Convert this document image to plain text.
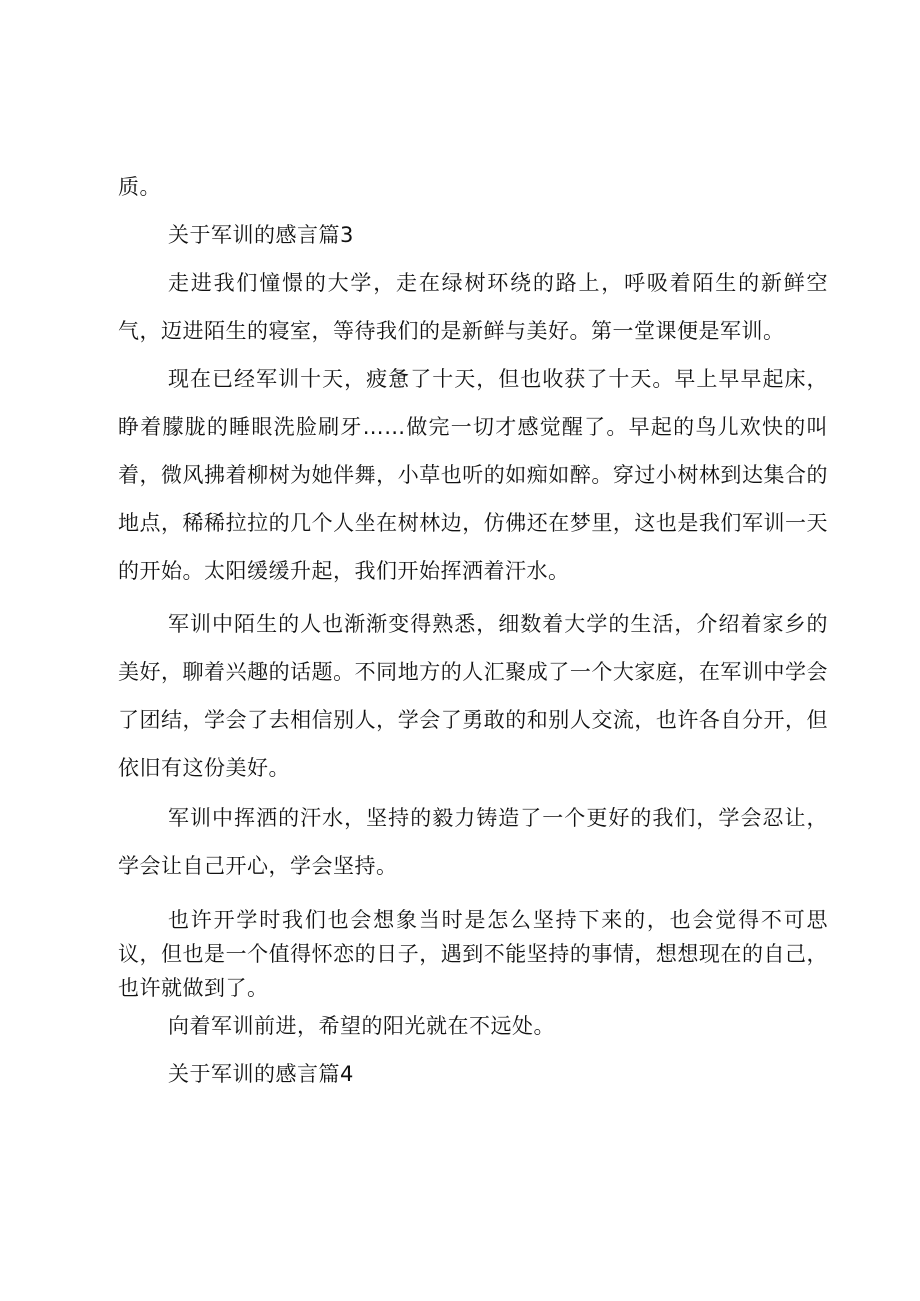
质。

关于军训的感言篇3

走进我们憧憬的大学，走在绿树环绕的路上，呼吸着陌生的新鲜空气，迈进陌生的寝室，等待我们的是新鲜与美好。第一堂课便是军训。

现在已经军训十天，疲惫了十天，但也收获了十天。早上早早起床，睁着朦胧的睡眼洗脸刷牙……做完一切才感觉醒了。早起的鸟儿欢快的叫着，微风拂着柳树为她伴舞，小草也听的如痴如醉。穿过小树林到达集合的地点，稀稀拉拉的几个人坐在树林边，仿佛还在梦里，这也是我们军训一天的开始。太阳缓缓升起，我们开始挥洒着汗水。

军训中陌生的人也渐渐变得熟悉，细数着大学的生活，介绍着家乡的美好，聊着兴趣的话题。不同地方的人汇聚成了一个大家庭，在军训中学会了团结，学会了去相信别人，学会了勇敢的和别人交流，也许各自分开，但依旧有这份美好。

军训中挥洒的汗水，坚持的毅力铸造了一个更好的我们，学会忍让，学会让自己开心，学会坚持。

也许开学时我们也会想象当时是怎么坚持下来的，也会觉得不可思议，但也是一个值得怀恋的日子，遇到不能坚持的事情，想想现在的自己，也许就做到了。

向着军训前进，希望的阳光就在不远处。

关于军训的感言篇4
